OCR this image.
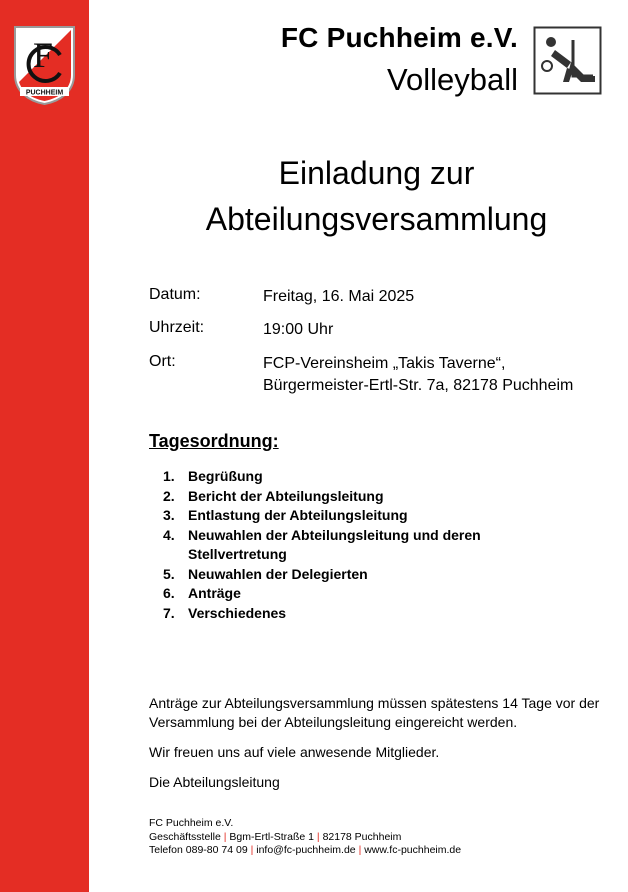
F
PUCHHEIM
FC Puchheim e.V.
Volleyball
Einladung zur
Abteilungsversammlung
Datum:	Freitag, 16. Mai 2025
Uhrzeit:	19:00 Uhr
Ort:	FCP-Vereinsheim „Takis Taverne“,
Bürgermeister-Ertl-Str. 7a, 82178 Puchheim
Tagesordnung:
1. Begrüßung
2. Bericht der Abteilungsleitung
3. Entlastung der Abteilungsleitung
4. Neuwahlen der Abteilungsleitung und deren Stellvertretung
5. Neuwahlen der Delegierten
6. Anträge
7. Verschiedenes
Anträge zur Abteilungsversammlung müssen spätestens 14 Tage vor der Versammlung bei der Abteilungsleitung eingereicht werden.
Wir freuen uns auf viele anwesende Mitglieder.
Die Abteilungsleitung
FC Puchheim e.V.
Geschäftsstelle | Bgm-Ertl-Straße 1 | 82178 Puchheim
Telefon 089-80 74 09 | info@fc-puchheim.de | www.fc-puchheim.de
